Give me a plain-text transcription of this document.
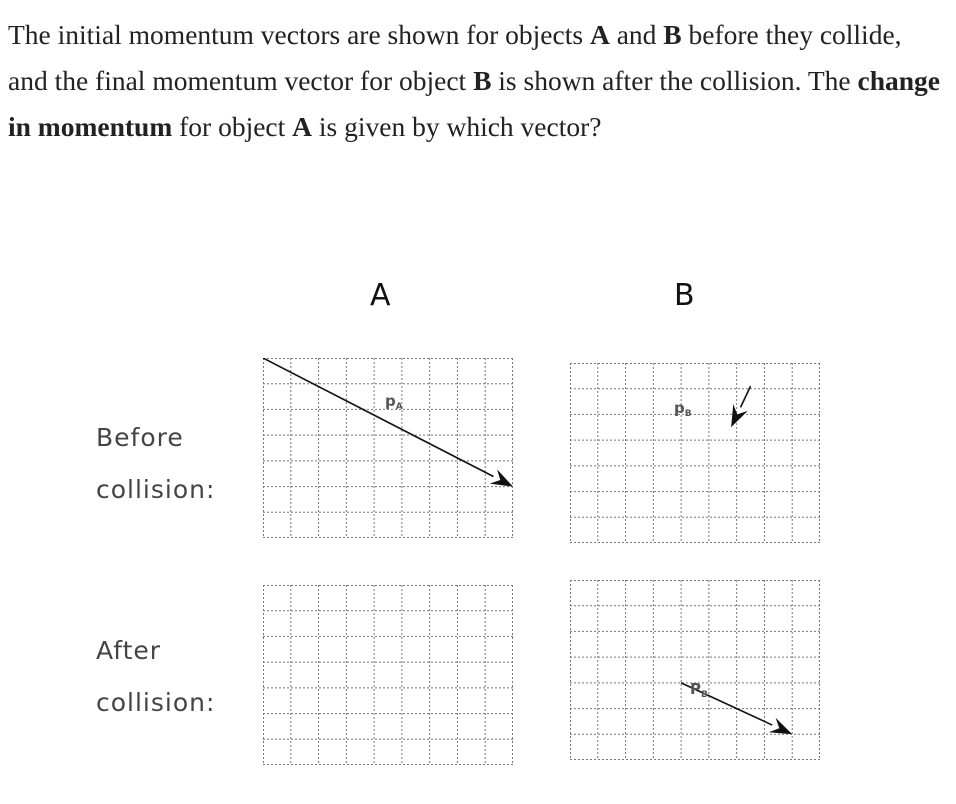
The initial momentum vectors are shown for objects A and B before they collide, and the final momentum vector for object B is shown after the collision. The change in momentum for object A is given by which vector?

A	B
Before
collision:
After
collision:
$p_A$	$p_B$
$P_B$
